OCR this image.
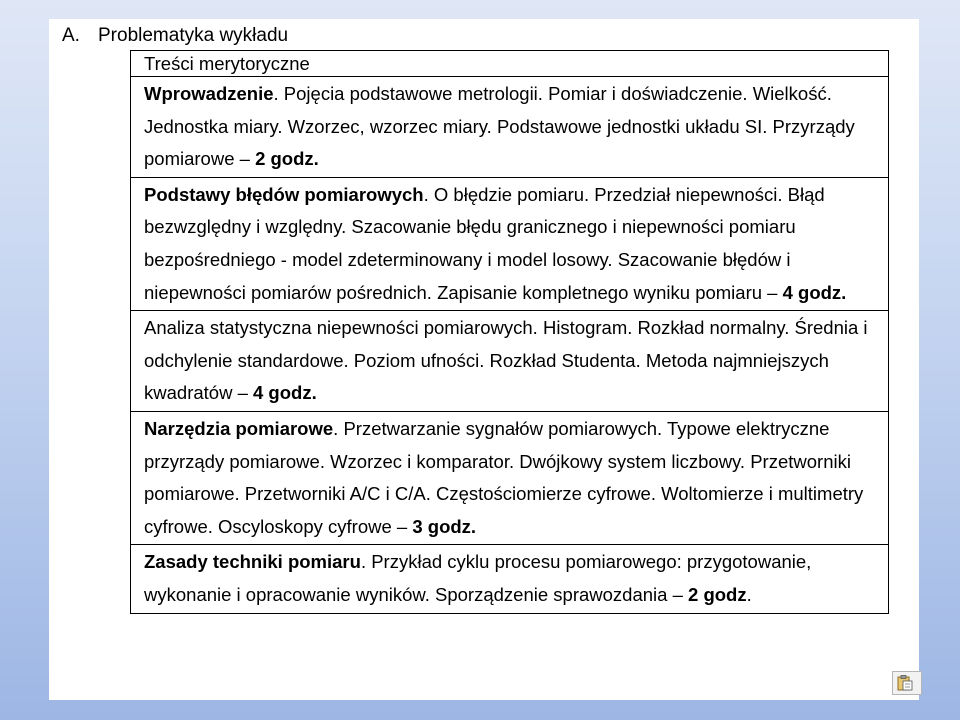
A. Problematyka wykładu
Treści merytoryczne
Wprowadzenie. Pojęcia podstawowe metrologii. Pomiar i doświadczenie. Wielkość. Jednostka miary. Wzorzec, wzorzec miary. Podstawowe jednostki układu SI. Przyrządy pomiarowe – 2 godz.
Podstawy błędów pomiarowych. O błędzie pomiaru. Przedział niepewności. Błąd bezwzględny i względny. Szacowanie błędu granicznego i niepewności pomiaru bezpośredniego - model zdeterminowany i model losowy. Szacowanie błędów i niepewności pomiarów pośrednich. Zapisanie kompletnego wyniku pomiaru – 4 godz.
Analiza statystyczna niepewności pomiarowych. Histogram. Rozkład normalny. Średnia i odchylenie standardowe. Poziom ufności. Rozkład Studenta. Metoda najmniejszych kwadratów – 4 godz.
Narzędzia pomiarowe. Przetwarzanie sygnałów pomiarowych. Typowe elektryczne przyrządy pomiarowe. Wzorzec i komparator. Dwójkowy system liczbowy. Przetworniki pomiarowe. Przetworniki A/C i C/A. Częstościomierze cyfrowe. Woltomierze i multimetry cyfrowe. Oscyloskopy cyfrowe – 3 godz.
Zasady techniki pomiaru. Przykład cyklu procesu pomiarowego: przygotowanie, wykonanie i opracowanie wyników. Sporządzenie sprawozdania – 2 godz.
